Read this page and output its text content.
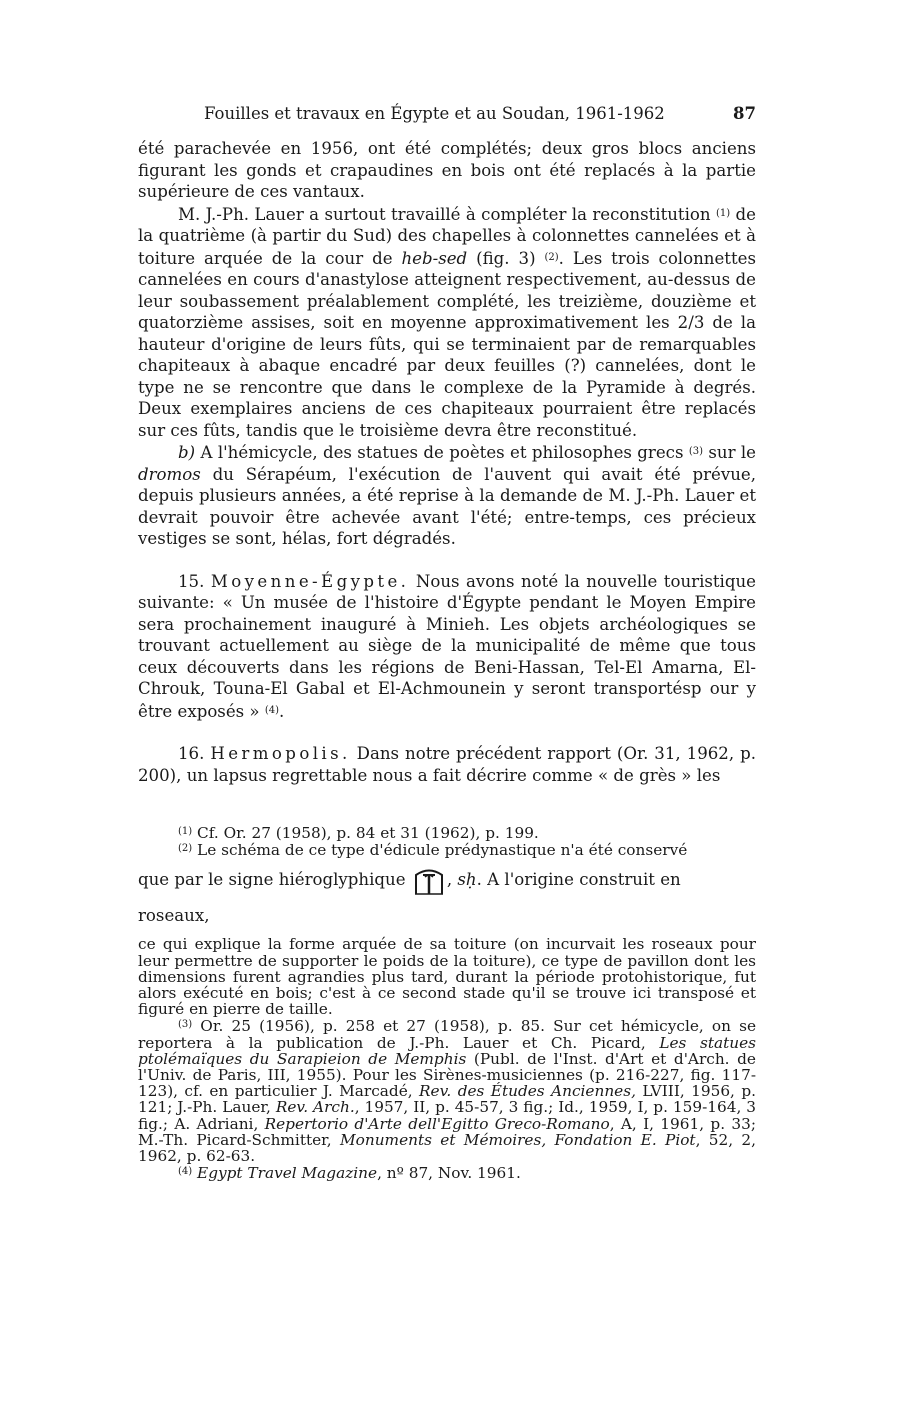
Fouilles et travaux en Égypte et au Soudan, 1961-1962	87

été parachevée en 1956, ont été complétés; deux gros blocs anciens figurant les gonds et crapaudines en bois ont été replacés à la partie supérieure de ces vantaux.

M. J.-Ph. Lauer a surtout travaillé à compléter la reconstitution $^{(1)}$ de la quatrième (à partir du Sud) des chapelles à colonnettes cannelées et à toiture arquée de la cour de heb-sed (fig. 3) $^{(2)}$. Les trois colonnettes cannelées en cours d'anastylose atteignent respectivement, au-dessus de leur soubassement préalablement complété, les treizième, douzième et quatorzième assises, soit en moyenne approximativement les 2/3 de la hauteur d'origine de leurs fûts, qui se terminaient par de remarquables chapiteaux à abaque encadré par deux feuilles (?) cannelées, dont le type ne se rencontre que dans le complexe de la Pyramide à degrés. Deux exemplaires anciens de ces chapiteaux pourraient être replacés sur ces fûts, tandis que le troisième devra être reconstitué.

b) A l'hémicycle, des statues de poètes et philosophes grecs $^{(3)}$ sur le dromos du Sérapéum, l'exécution de l'auvent qui avait été prévue, depuis plusieurs années, a été reprise à la demande de M. J.-Ph. Lauer et devrait pouvoir être achevée avant l'été; entre-temps, ces précieux vestiges se sont, hélas, fort dégradés.

15. Moyenne-Égypte. Nous avons noté la nouvelle touristique suivante: « Un musée de l'histoire d'Égypte pendant le Moyen Empire sera prochainement inauguré à Minieh. Les objets archéologiques se trouvant actuellement au siège de la municipalité de même que tous ceux découverts dans les régions de Beni-Hassan, Tel-El Amarna, El-Chrouk, Touna-El Gabal et El-Achmounein y seront transportésp our y être exposés » $^{(4)}$.

16. Hermopolis. Dans notre précédent rapport (Or. 31, 1962, p. 200), un lapsus regrettable nous a fait décrire comme « de grès » les

$^{(1)}$ Cf. Or. 27 (1958), p. 84 et 31 (1962), p. 199.

$^{(2)}$ Le schéma de ce type d'édicule prédynastique n'a été conservé

que par le signe hiéroglyphique , sḥ. A l'origine construit en roseaux,

ce qui explique la forme arquée de sa toiture (on incurvait les roseaux pour leur permettre de supporter le poids de la toiture), ce type de pavillon dont les dimensions furent agrandies plus tard, durant la période protohistorique, fut alors exécuté en bois; c'est à ce second stade qu'il se trouve ici transposé et figuré en pierre de taille.

$^{(3)}$ Or. 25 (1956), p. 258 et 27 (1958), p. 85. Sur cet hémicycle, on se reportera à la publication de J.-Ph. Lauer et Ch. Picard, Les statues ptolémaïques du Sarapieion de Memphis (Publ. de l'Inst. d'Art et d'Arch. de l'Univ. de Paris, III, 1955). Pour les Sirènes-musiciennes (p. 216-227, fig. 117-123), cf. en particulier J. Marcadé, Rev. des Études Anciennes, LVIII, 1956, p. 121; J.-Ph. Lauer, Rev. Arch., 1957, II, p. 45-57, 3 fig.; Id., 1959, I, p. 159-164, 3 fig.; A. Adriani, Repertorio d'Arte dell'Egitto Greco-Romano, A, I, 1961, p. 33; M.-Th. Picard-Schmitter, Monuments et Mémoires, Fondation E. Piot, 52, 2, 1962, p. 62-63.

$^{(4)}$ Egypt Travel Magazine, nº 87, Nov. 1961.
